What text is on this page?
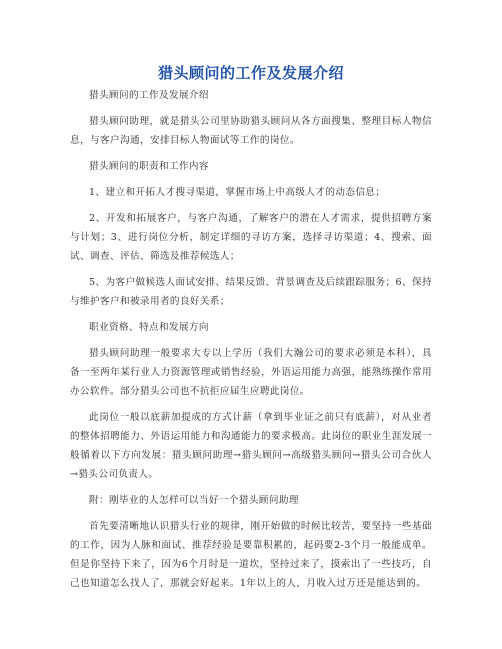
猎头顾问的工作及发展介绍

猎头顾问的工作及发展介绍

猎头顾问助理，就是猎头公司里协助猎头顾问从各方面搜集、整理目标人物信息，与客户沟通，安排目标人物面试等工作的岗位。

猎头顾问的职责和工作内容

1、建立和开拓人才搜寻渠道，掌握市场上中高级人才的动态信息；

2、开发和拓展客户，与客户沟通，了解客户的潜在人才需求，提供招聘方案与计划；3、进行岗位分析，制定详细的寻访方案，选择寻访渠道；4、搜索、面试、调查、评估、筛选及推荐候选人；

5、为客户做候选人面试安排、结果反馈、背景调查及后续跟踪服务；6、保持与维护客户和被录用者的良好关系；

职业资格、特点和发展方向

猎头顾问助理一般要求大专以上学历（我们大瀚公司的要求必须是本科），具备一至两年某行业人力资源管理或销售经验，外语运用能力高强，能熟练操作常用办公软件。部分猎头公司也不抗拒应届生应聘此岗位。

此岗位一般以底薪加提成的方式计薪（拿到毕业证之前只有底薪），对从业者的整体招聘能力、外语运用能力和沟通能力的要求极高。此岗位的职业生涯发展一般循着以下方向发展：猎头顾问助理→猎头顾问→高级猎头顾问→猎头公司合伙人→猎头公司负责人。

附：刚毕业的人怎样可以当好一个猎头顾问助理

首先要清晰地认识猎头行业的规律，刚开始做的时候比较苦，要坚持一些基础的工作，因为人脉和面试、推荐经验是要靠积累的，起码要2-3个月一般能成单。但是你坚持下来了，因为6个月时是一道坎，坚持过来了，摸索出了一些技巧，自己也知道怎么找人了，那就会好起来。1年以上的人，月收入过万还是能达到的。
